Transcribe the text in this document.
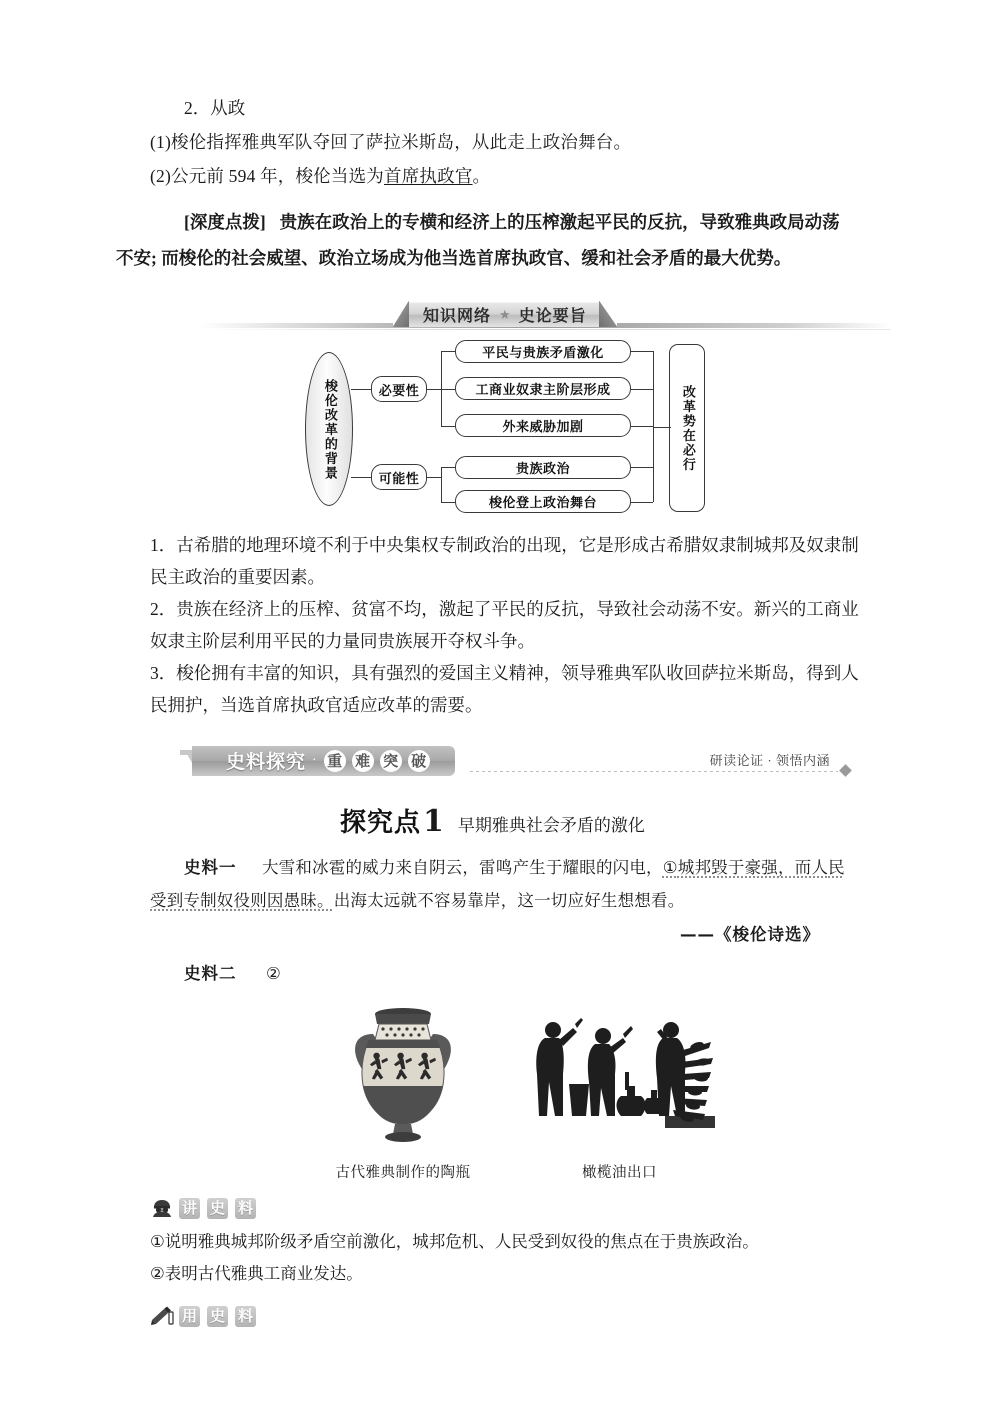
2．从政

(1)梭伦指挥雅典军队夺回了萨拉米斯岛，从此走上政治舞台。

(2)公元前 594 年，梭伦当选为首席执政官。

[深度点拨] 贵族在政治上的专横和经济上的压榨激起平民的反抗，导致雅典政局动荡
不安; 而梭伦的社会威望、政治立场成为他当选首席执政官、缓和社会矛盾的最大优势。
知识网络 ★ 史论要旨
梭伦改革的背景	必要性
可能性
平民与贵族矛盾激化
工商业奴隶主阶层形成
外来威胁加剧
贵族政治
梭伦登上政治舞台
改革势在必行

1．古希腊的地理环境不利于中央集权专制政治的出现，它是形成古希腊奴隶制城邦及奴隶制民主政治的重要因素。

2．贵族在经济上的压榨、贫富不均，激起了平民的反抗，导致社会动荡不安。新兴的工商业奴隶主阶层利用平民的力量同贵族展开夺权斗争。

3．梭伦拥有丰富的知识，具有强烈的爱国主义精神，领导雅典军队收回萨拉米斯岛，得到人民拥护，当选首席执政官适应改革的需要。

史料探究 · 重 难 突 破	研读论证 · 领悟内涵
探究点1 早期雅典社会矛盾的激化
史料一 大雪和冰雹的威力来自阴云，雷鸣产生于耀眼的闪电，①城邦毁于豪强，而人民受到专制奴役则因愚昧。出海太远就不容易靠岸，这一切应好生想想看。
——《梭伦诗选》
史料二 ②
古代雅典制作的陶瓶	橄榄油出口
讲 史 料

①说明雅典城邦阶级矛盾空前激化，城邦危机、人民受到奴役的焦点在于贵族政治。

②表明古代雅典工商业发达。

用 史 料
